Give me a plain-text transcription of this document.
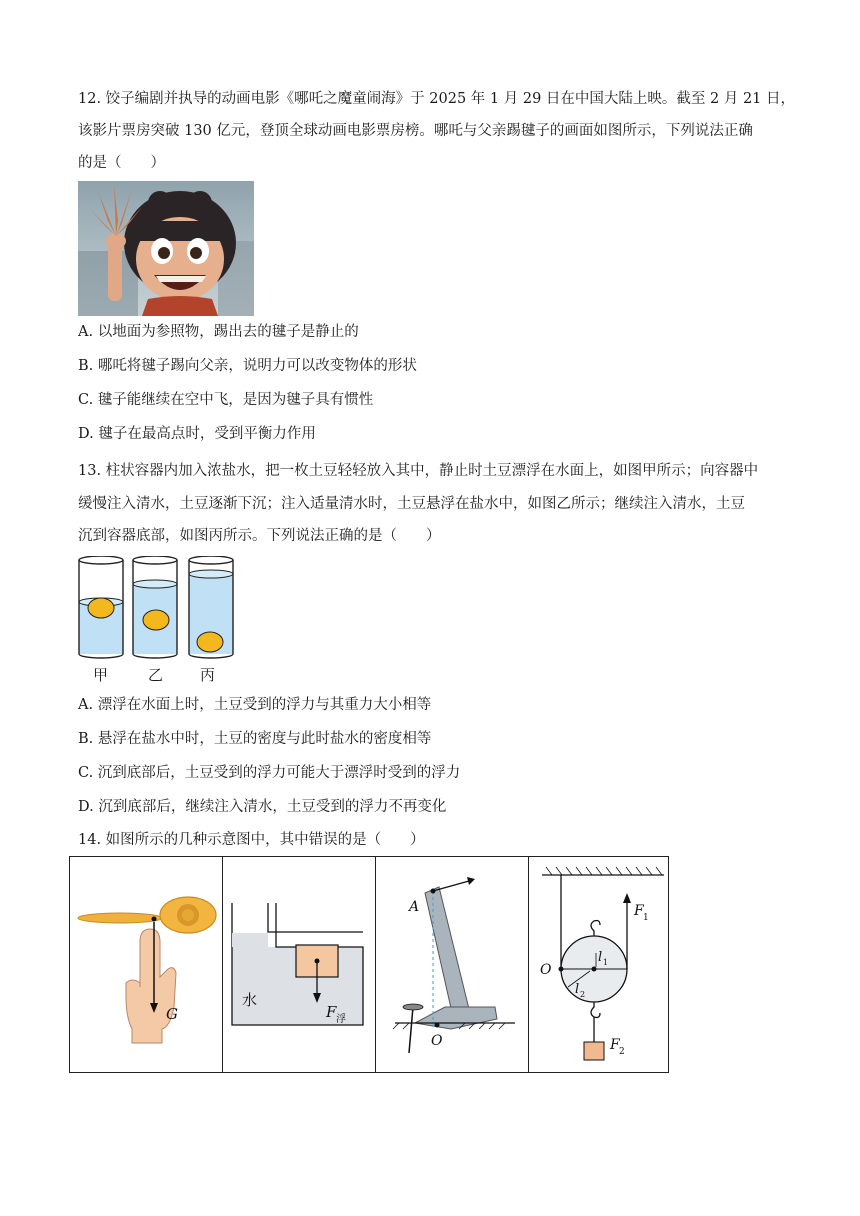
12. 饺子编剧并执导的动画电影《哪吒之魔童闹海》于 2025 年 1 月 29 日在中国大陆上映。截至 2 月 21 日，

该影片票房突破 130 亿元，登顶全球动画电影票房榜。哪吒与父亲踢毽子的画面如图所示，下列说法正确

的是（　　）

A. 以地面为参照物，踢出去的毽子是静止的

B. 哪吒将毽子踢向父亲，说明力可以改变物体的形状

C. 毽子能继续在空中飞，是因为毽子具有惯性

D. 毽子在最高点时，受到平衡力作用

13. 柱状容器内加入浓盐水，把一枚土豆轻轻放入其中，静止时土豆漂浮在水面上，如图甲所示；向容器中

缓慢注入清水，土豆逐渐下沉；注入适量清水时，土豆悬浮在盐水中，如图乙所示；继续注入清水，土豆

沉到容器底部，如图丙所示。下列说法正确的是（　　）

甲	乙 丙

A. 漂浮在水面上时，土豆受到的浮力与其重力大小相等

B. 悬浮在盐水中时，土豆的密度与此时盐水的密度相等

C. 沉到底部后，土豆受到的浮力可能大于漂浮时受到的浮力

D. 沉到底部后，继续注入清水，土豆受到的浮力不再变化

14. 如图所示的几种示意图中，其中错误的是（　　）

G
水
F 浮
A
O
F 1
F 2
O
l 1
l 2
